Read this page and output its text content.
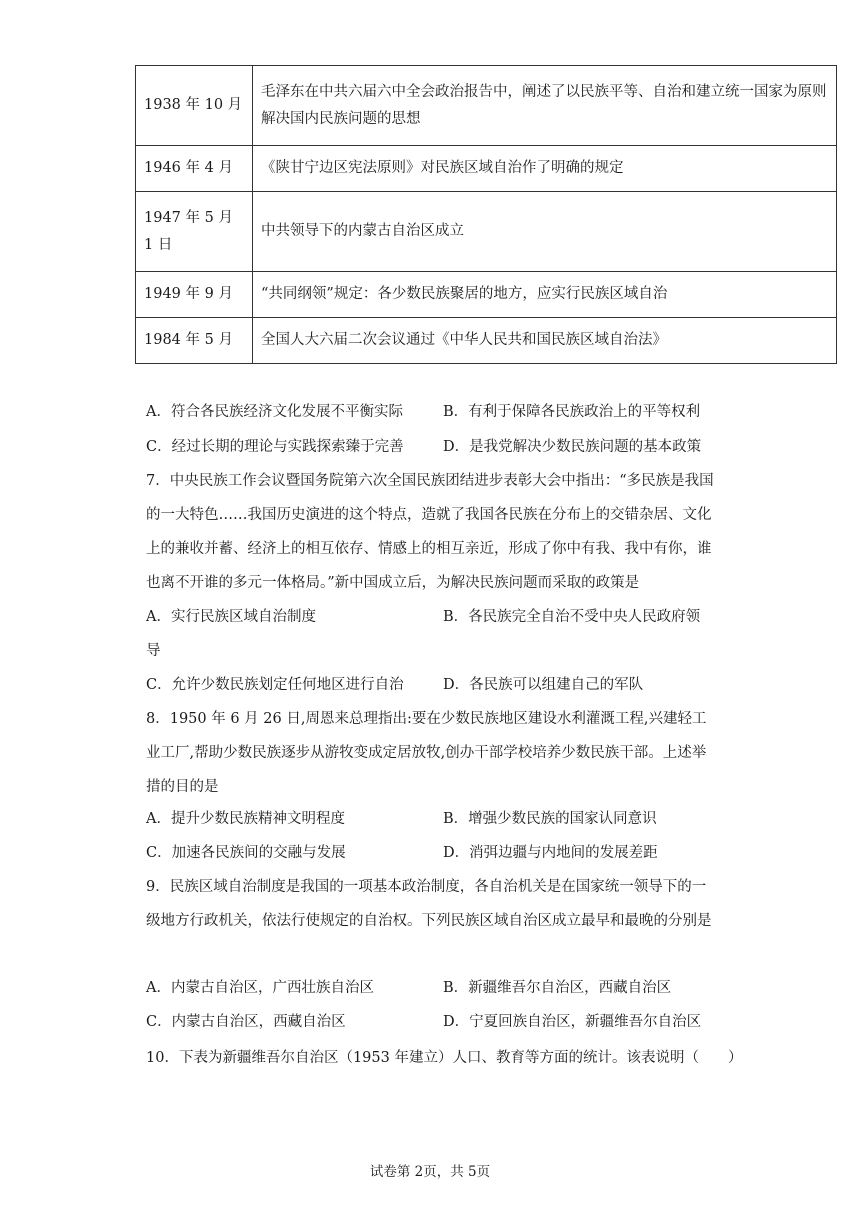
1938 年 10 月	毛泽东在中共六届六中全会政治报告中，阐述了以民族平等、自治和建立统一国家为原则解决国内民族问题的思想
1946 年 4 月	《陕甘宁边区宪法原则》对民族区域自治作了明确的规定
1947 年 5 月 1 日	中共领导下的内蒙古自治区成立
1949 年 9 月	“共同纲领”规定：各少数民族聚居的地方，应实行民族区域自治
1984 年 5 月	全国人大六届二次会议通过《中华人民共和国民族区域自治法》
A．符合各民族经济文化发展不平衡实际	B．有利于保障各民族政治上的平等权利
C．经过长期的理论与实践探索臻于完善	D．是我党解决少数民族问题的基本政策
7．中央民族工作会议暨国务院第六次全国民族团结进步表彰大会中指出：“多民族是我国的一大特色……我国历史演进的这个特点，造就了我国各民族在分布上的交错杂居、文化上的兼收并蓄、经济上的相互依存、情感上的相互亲近，形成了你中有我、我中有你，谁也离不开谁的多元一体格局。”新中国成立后，为解决民族问题而采取的政策是
A．实行民族区域自治制度	B．各民族完全自治不受中央人民政府领
导
C．允许少数民族划定任何地区进行自治	D．各民族可以组建自己的军队
8．1950 年 6 月 26 日,周恩来总理指出:要在少数民族地区建设水利灌溉工程,兴建轻工业工厂,帮助少数民族逐步从游牧变成定居放牧,创办干部学校培养少数民族干部。上述举措的目的是
A．提升少数民族精神文明程度	B．增强少数民族的国家认同意识
C．加速各民族间的交融与发展	D．消弭边疆与内地间的发展差距
9．民族区域自治制度是我国的一项基本政治制度，各自治机关是在国家统一领导下的一级地方行政机关，依法行使规定的自治权。下列民族区域自治区成立最早和最晚的分别是
A．内蒙古自治区，广西壮族自治区	B．新疆维吾尔自治区，西藏自治区
C．内蒙古自治区，西藏自治区	D．宁夏回族自治区，新疆维吾尔自治区
10．下表为新疆维吾尔自治区（1953 年建立）人口、教育等方面的统计。该表说明（　　）
试卷第 2页，共 5页
